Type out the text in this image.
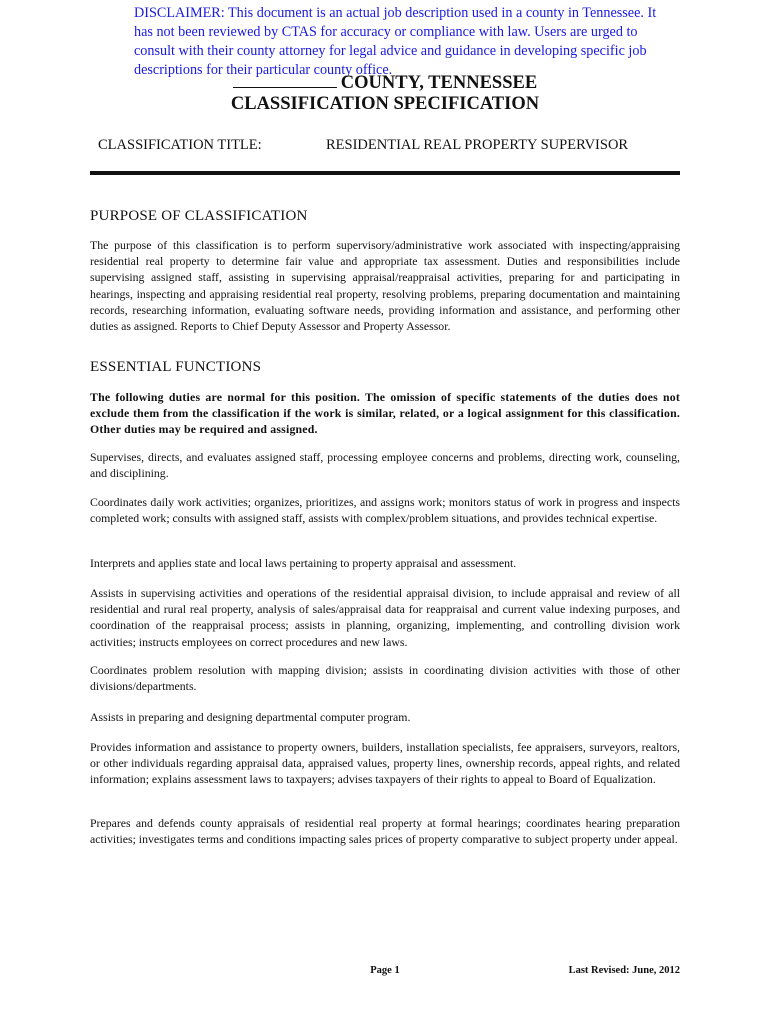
DISCLAIMER: This document is an actual job description used in a county in Tennessee. It has not been reviewed by CTAS for accuracy or compliance with law. Users are urged to consult with their county attorney for legal advice and guidance in developing specific job descriptions for their particular county office.

COUNTY, TENNESSEE
CLASSIFICATION SPECIFICATION
CLASSIFICATION TITLE:	RESIDENTIAL REAL PROPERTY SUPERVISOR
PURPOSE OF CLASSIFICATION

The purpose of this classification is to perform supervisory/administrative work associated with inspecting/appraising residential real property to determine fair value and appropriate tax assessment. Duties and responsibilities include supervising assigned staff, assisting in supervising appraisal/reappraisal activities, preparing for and participating in hearings, inspecting and appraising residential real property, resolving problems, preparing documentation and maintaining records, researching information, evaluating software needs, providing information and assistance, and performing other duties as assigned. Reports to Chief Deputy Assessor and Property Assessor.

ESSENTIAL FUNCTIONS

The following duties are normal for this position. The omission of specific statements of the duties does not exclude them from the classification if the work is similar, related, or a logical assignment for this classification. Other duties may be required and assigned.

Supervises, directs, and evaluates assigned staff, processing employee concerns and problems, directing work, counseling, and disciplining.

Coordinates daily work activities; organizes, prioritizes, and assigns work; monitors status of work in progress and inspects completed work; consults with assigned staff, assists with complex/problem situations, and provides technical expertise.

Interprets and applies state and local laws pertaining to property appraisal and assessment.

Assists in supervising activities and operations of the residential appraisal division, to include appraisal and review of all residential and rural real property, analysis of sales/appraisal data for reappraisal and current value indexing purposes, and coordination of the reappraisal process; assists in planning, organizing, implementing, and controlling division work activities; instructs employees on correct procedures and new laws.

Coordinates problem resolution with mapping division; assists in coordinating division activities with those of other divisions/departments.

Assists in preparing and designing departmental computer program.

Provides information and assistance to property owners, builders, installation specialists, fee appraisers, surveyors, realtors, or other individuals regarding appraisal data, appraised values, property lines, ownership records, appeal rights, and related information; explains assessment laws to taxpayers; advises taxpayers of their rights to appeal to Board of Equalization.

Prepares and defends county appraisals of residential real property at formal hearings; coordinates hearing preparation activities; investigates terms and conditions impacting sales prices of property comparative to subject property under appeal.

Page 1	Last Revised: June, 2012
